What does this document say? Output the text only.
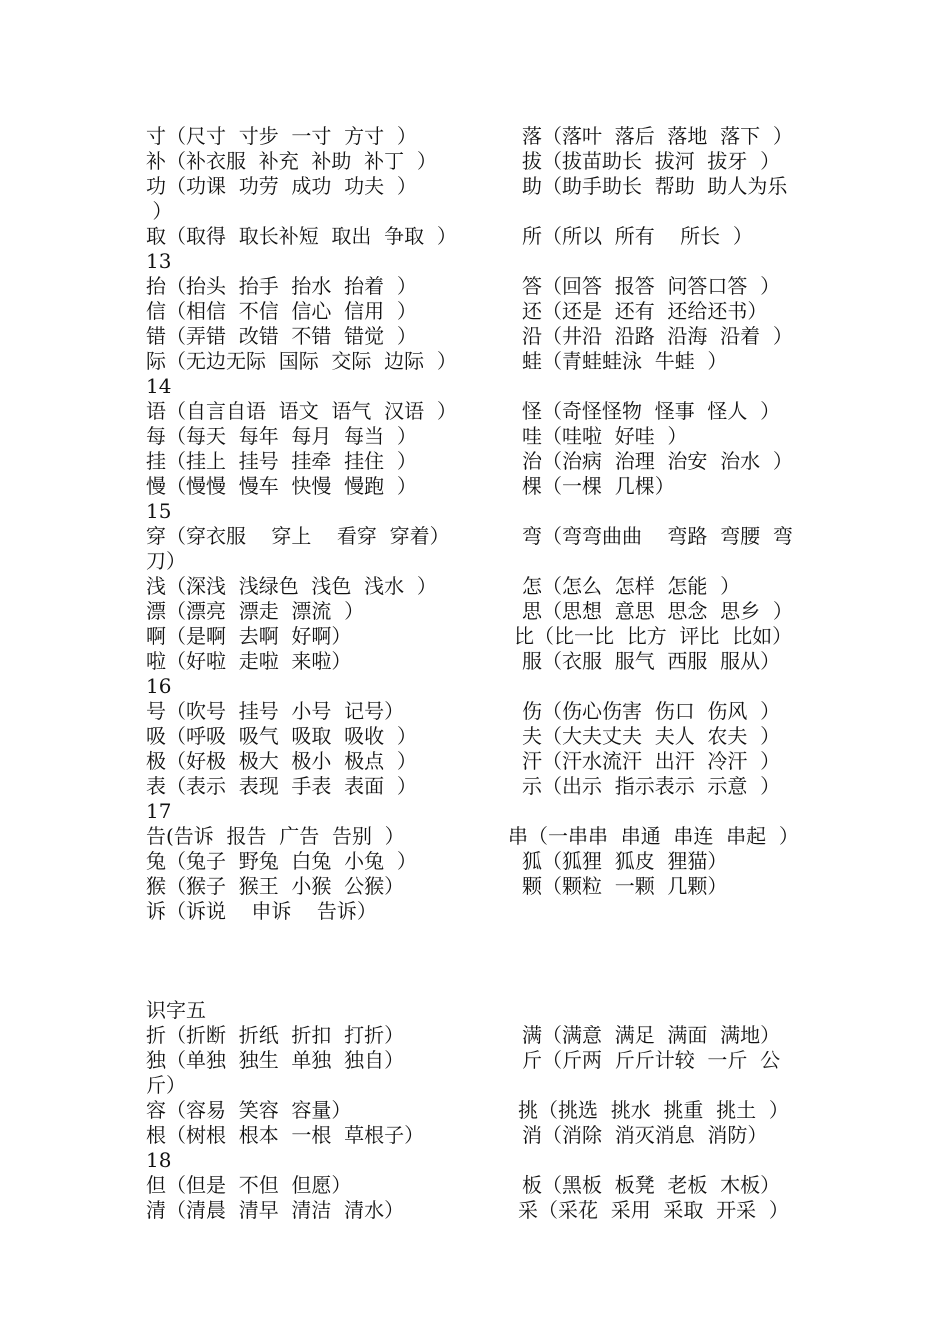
寸（尺寸  寸步  一寸  方寸  ）

	落（落叶  落后  落地  落下  ）

补（补衣服  补充  补助  补丁  ）

	拔（拔苗助长  拔河  拔牙  ）

功（功课  功劳  成功  功夫  ）

	助（助手助长  帮助  助人为乐

）

取（取得  取长补短  取出  争取  ）

	所（所以  所有    所长  ）

13

抬（抬头  抬手  抬水  抬着  ）

	答（回答  报答  问答口答  ）

信（相信  不信  信心  信用  ）

	还（还是  还有  还给还书）

错（弄错  改错  不错  错觉  ）

	沿（井沿  沿路  沿海  沿着  ）

际（无边无际  国际  交际  边际  ）

	蛙（青蛙蛙泳  牛蛙  ）

14

语（自言自语  语文  语气  汉语  ）

	怪（奇怪怪物  怪事  怪人  ）

每（每天  每年  每月  每当  ）

	哇（哇啦  好哇  ）

挂（挂上  挂号  挂牵  挂住  ）

	治（治病  治理  治安  治水  ）

慢（慢慢  慢车  快慢  慢跑  ）

	棵（一棵  几棵）

15

穿（穿衣服    穿上    看穿  穿着）

	弯（弯弯曲曲    弯路  弯腰  弯

刀）

浅（深浅  浅绿色  浅色  浅水  ）

	怎（怎么  怎样  怎能  ）

漂（漂亮  漂走  漂流  ）

	思（思想  意思  思念  思乡  ）

啊（是啊  去啊  好啊）

	比（比一比  比方  评比  比如）

啦（好啦  走啦  来啦）

	服（衣服  服气  西服  服从）

16

号（吹号  挂号  小号  记号）

	伤（伤心伤害  伤口  伤风  ）

吸（呼吸  吸气  吸取  吸收  ）

	夫（大夫丈夫  夫人  农夫  ）

极（好极  极大  极小  极点  ）

	汗（汗水流汗  出汗  冷汗  ）

表（表示  表现  手表  表面  ）

	示（出示  指示表示  示意  ）

17

告(告诉  报告  广告  告别  ）

	串（一串串  串通  串连  串起  ）

兔（兔子  野兔  白兔  小兔  ）

	狐（狐狸  狐皮  狸猫）

猴（猴子  猴王  小猴  公猴）

	颗（颗粒  一颗  几颗）

诉（诉说    申诉    告诉）

识字五

折（折断  折纸  折扣  打折）

	满（满意  满足  满面  满地）

独（单独  独生  单独  独自）

	斤（斤两  斤斤计较  一斤  公

斤）

容（容易  笑容  容量）

	挑（挑选  挑水  挑重  挑土  ）

根（树根  根本  一根  草根子）

	消（消除  消灭消息  消防）

18

但（但是  不但  但愿）

	板（黑板  板凳  老板  木板）

清（清晨  清早  清洁  清水）

	采（采花  采用  采取  开采  ）
